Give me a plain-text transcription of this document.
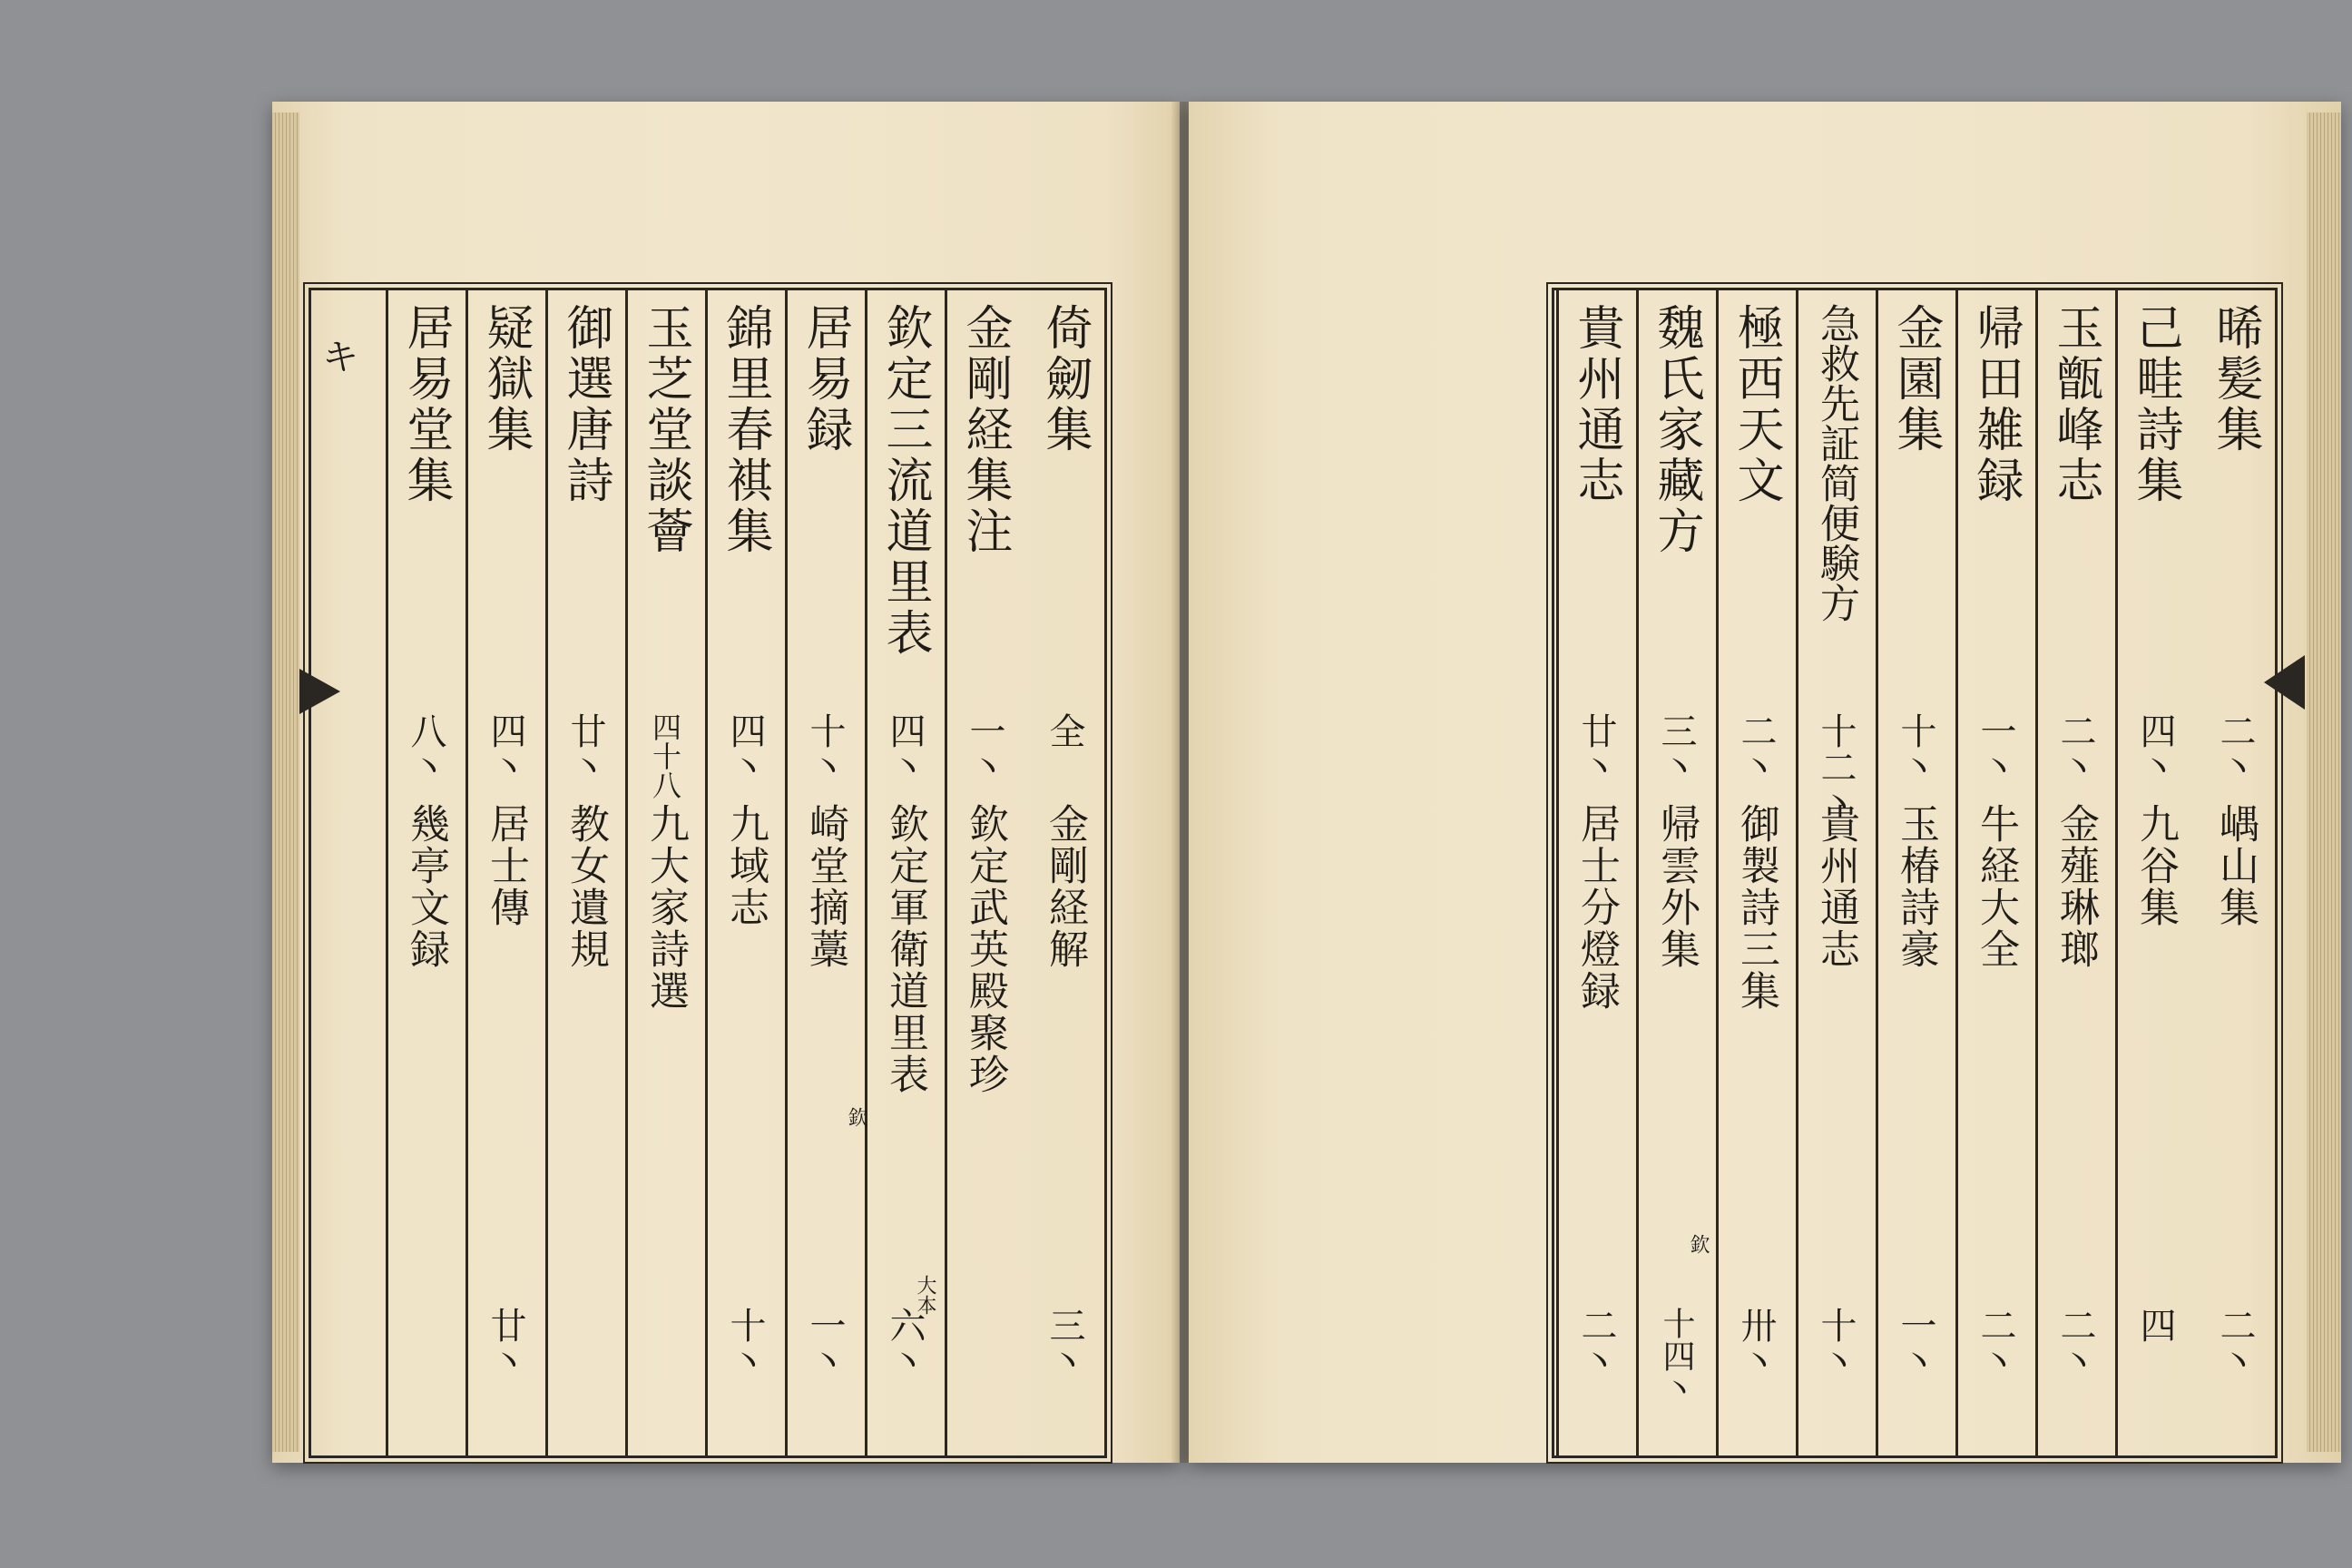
キ	倚劒集
全
金剛経解
三丶
金剛経集注
一丶
欽定武英殿聚珍
大本
欽定三流道里表
四丶
欽定軍衛道里表
六丶
居易録
十丶
崎堂摘藁
欽
一丶
錦里春褀集
四丶
九域志
十丶
玉芝堂談薈
四十八
九大家詩選
御選唐詩
廿丶
教女遺規
疑獄集
四丶
居士傳
廿丶
居易堂集
八丶
幾亭文録
晞髪集
二丶
嵎山集
二丶
己畦詩集
四丶
九谷集
四
玉甑峰志
二丶
金薤琳瑯
二丶
帰田雑録
一丶
牛経大全
二丶
金園集
十丶
玉椿詩豪
一丶
急救先証简便験方
十二丶
貴州通志
十丶
極西天文
二丶
御製詩三集
卅丶
魏氏家藏方
三丶
帰雲外集
欽
十四丶
貴州通志
廿丶
居士分燈録
二丶
